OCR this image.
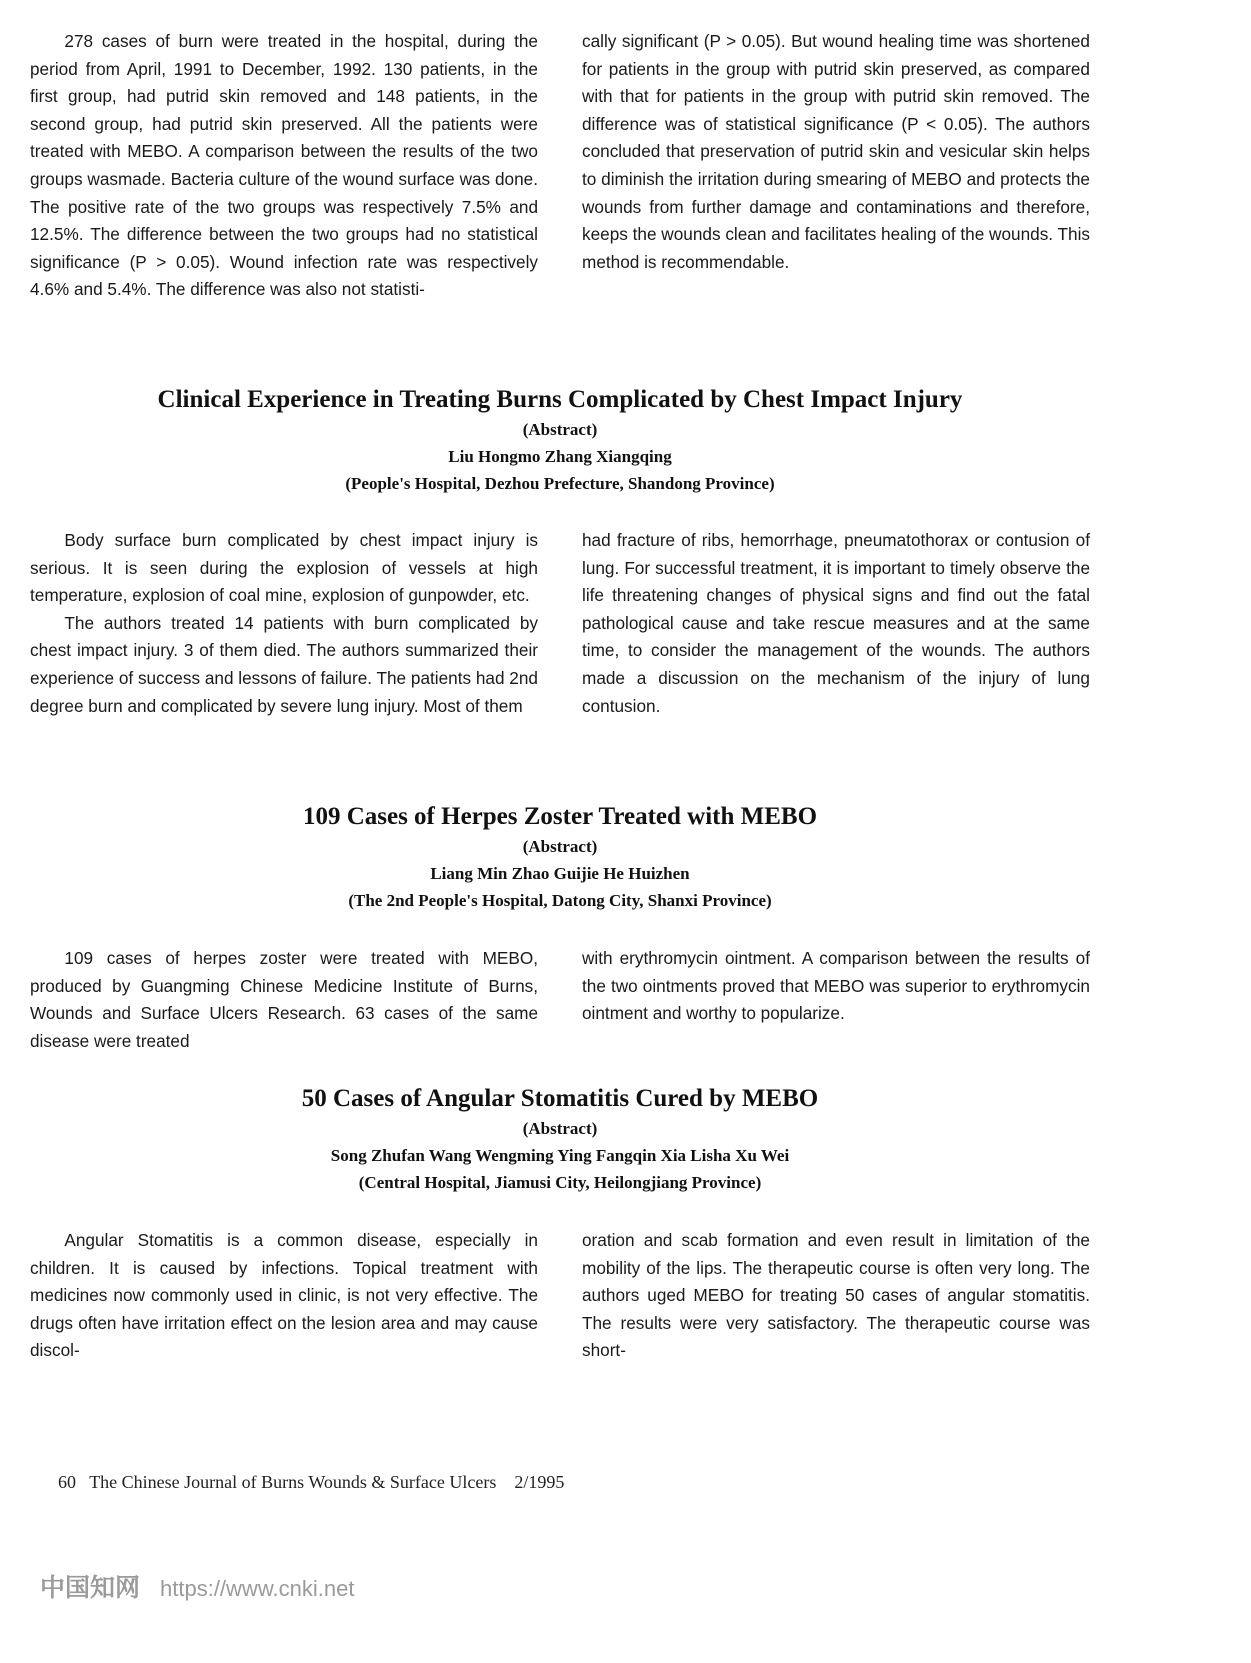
278 cases of burn were treated in the hospital, during the period from April, 1991 to December, 1992. 130 patients, in the first group, had putrid skin removed and 148 patients, in the second group, had putrid skin preserved. All the patients were treated with MEBO. A comparison between the results of the two groups wasmade. Bacteria culture of the wound surface was done. The positive rate of the two groups was respectively 7.5% and 12.5%. The difference between the two groups had no statistical significance (P > 0.05). Wound infection rate was respectively 4.6% and 5.4%. The difference was also not statisti-

cally significant (P > 0.05). But wound healing time was shortened for patients in the group with putrid skin preserved, as compared with that for patients in the group with putrid skin removed. The difference was of statistical significance (P < 0.05). The authors concluded that preservation of putrid skin and vesicular skin helps to diminish the irritation during smearing of MEBO and protects the wounds from further damage and contaminations and therefore, keeps the wounds clean and facilitates healing of the wounds. This method is recommendable.

Clinical Experience in Treating Burns Complicated by Chest Impact Injury
(Abstract)
Liu Hongmo Zhang Xiangqing
(People's Hospital, Dezhou Prefecture, Shandong Province)

Body surface burn complicated by chest impact injury is serious. It is seen during the explosion of vessels at high temperature, explosion of coal mine, explosion of gunpowder, etc.

The authors treated 14 patients with burn complicated by chest impact injury. 3 of them died. The authors summarized their experience of success and lessons of failure. The patients had 2nd degree burn and complicated by severe lung injury. Most of them

had fracture of ribs, hemorrhage, pneumatothorax or contusion of lung. For successful treatment, it is important to timely observe the life threatening changes of physical signs and find out the fatal pathological cause and take rescue measures and at the same time, to consider the management of the wounds. The authors made a discussion on the mechanism of the injury of lung contusion.

109 Cases of Herpes Zoster Treated with MEBO
(Abstract)
Liang Min Zhao Guijie He Huizhen
(The 2nd People's Hospital, Datong City, Shanxi Province)

109 cases of herpes zoster were treated with MEBO, produced by Guangming Chinese Medicine Institute of Burns, Wounds and Surface Ulcers Research. 63 cases of the same disease were treated

with erythromycin ointment. A comparison between the results of the two ointments proved that MEBO was superior to erythromycin ointment and worthy to popularize.

50 Cases of Angular Stomatitis Cured by MEBO
(Abstract)
Song Zhufan Wang Wengming Ying Fangqin Xia Lisha Xu Wei
(Central Hospital, Jiamusi City, Heilongjiang Province)

Angular Stomatitis is a common disease, especially in children. It is caused by infections. Topical treatment with medicines now commonly used in clinic, is not very effective. The drugs often have irritation effect on the lesion area and may cause discol-

oration and scab formation and even result in limitation of the mobility of the lips. The therapeutic course is often very long. The authors uged MEBO for treating 50 cases of angular stomatitis. The results were very satisfactory. The therapeutic course was short-

60 The Chinese Journal of Burns Wounds & Surface Ulcers 2/1995
中国知网 https://www.cnki.net
